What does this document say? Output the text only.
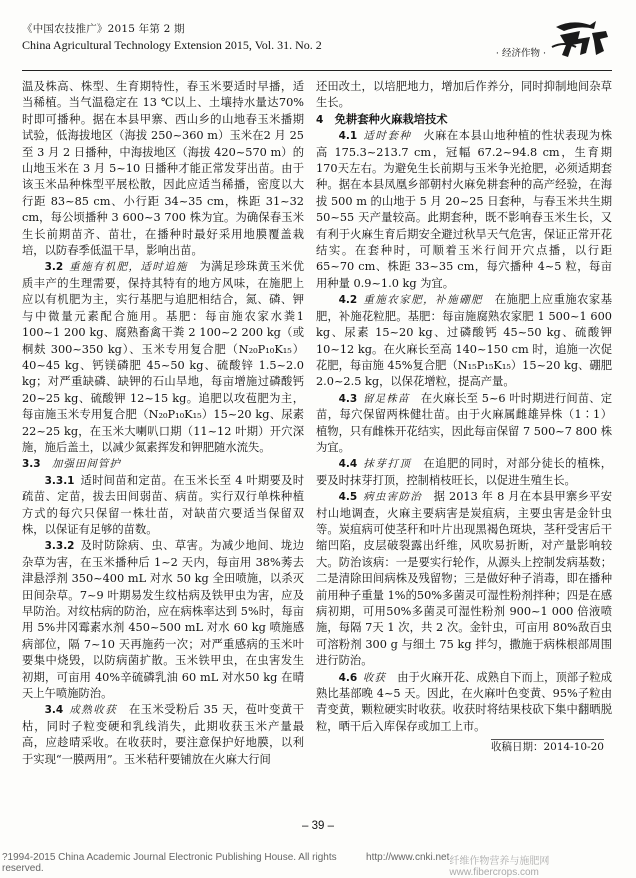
《中国农技推广》2015 年第 2 期
China Agricultural Technology Extension 2015, Vol. 31. No. 2
· 经济作物 ·

温及株高、株型、生育期特性，春玉米要适时早播，适当稀植。当气温稳定在 13 ℃以上、土壤持水量达70%时即可播种。据在本县甲寨、西山乡的山地春玉米播期试验，低海拔地区（海拔 250~360 m）玉米在2 月 25 至 3 月 2 日播种，中海拔地区（海拔 420~570 m）的山地玉米在 3 月 5~10 日播种才能正常发芽出苗。由于该玉米品种株型平展松散，因此应适当稀播，密度以大行距 83~85 cm、小行距 34~35 cm，株距 31~32 cm，每公顷播种 3 600~3 700 株为宜。为确保春玉米生长前期苗齐、苗壮，在播种时最好采用地膜覆盖栽培，以防春季低温干旱，影响出苗。

3.2  重施有机肥，适时追施  为满足珍珠黄玉米优质丰产的生理需要，保持其特有的地方风味，在施肥上应以有机肥为主，实行基肥与追肥相结合，氮、磷、钾与中微量元素配合施用。基肥：每亩施农家水粪1 100~1 200 kg、腐熟畜禽干粪 2 100~2 200 kg（或桐麸 300~350 kg）、玉米专用复合肥（N₂₀P₁₀K₁₅）40~45 kg、钙镁磷肥 45~50 kg、硫酸锌 1.5~2.0 kg；对严重缺磷、缺钾的石山旱地，每亩增施过磷酸钙 20~25 kg、硫酸钾 12~15 kg。追肥以攻苞肥为主，每亩施玉米专用复合肥（N₂₀P₁₀K₁₅）15~20 kg、尿素 22~25 kg，在玉米大喇叭口期（11~12 叶期）开穴深施，施后盖土，以减少氮素挥发和钾肥随水流失。

3.3  加强田间管护

3.3.1  适时间苗和定苗。在玉米长至 4 叶期要及时疏苗、定苗，拔去田间弱苗、病苗。实行双行单株种植方式的每穴只保留一株壮苗，对缺苗穴要适当保留双株，以保证有足够的苗数。

3.3.2  及时防除病、虫、草害。为减少地间、垅边杂草为害，在玉米播种后 1~2 天内，每亩用 38%莠去津悬浮剂 350~400 mL 对水 50 kg 全田喷施，以杀灭田间杂草。7~9 叶期易发生纹枯病及铁甲虫为害，应及早防治。对纹枯病的防治，应在病株率达到 5%时，每亩用 5%井冈霉素水剂 450~500 mL 对水 60 kg 喷施感病部位，隔 7~10 天再施药一次；对严重感病的玉米叶要集中烧毁，以防病菌扩散。玉米铁甲虫，在虫害发生初期，可亩用 40%辛硫磷乳油 60 mL 对水50 kg 在晴天上午喷施防治。

3.4  成熟收获  在玉米受粉后 35 天，苞叶变黄干枯，同时子粒变硬和乳线消失，此期收获玉米产量最高，应趁晴采收。在收获时，要注意保护好地膜，以利于实现“一膜两用”。玉米秸秆要铺放在火麻大行间

还田改土，以培肥地力，增加后作养分，同时抑制地间杂草生长。

4  免耕套种火麻栽培技术

4.1  适时套种  火麻在本县山地种植的性状表现为株高 175.3~213.7 cm，冠幅 67.2~94.8 cm，生育期 170天左右。为避免生长前期与玉米争光抢肥，必须适期套种。据在本县凤凰乡部朝村火麻免耕套种的高产经验，在海拔 500 m 的山地于 5 月 20~25 日套种，与春玉米共生期 50~55 天产量较高。此期套种，既不影响春玉米生长，又有利于火麻生育后期安全避过秋旱天气危害，保证正常开花结实。在套种时，可顺着玉米行间开穴点播，以行距 65~70 cm、株距 33~35 cm，每穴播种 4~5 粒，每亩用种量 0.9~1.0 kg 为宜。

4.2  重施农家肥，补施硼肥  在施肥上应重施农家基肥，补施花粒肥。基肥：每亩施腐熟农家肥 1 500~1 600 kg、尿素 15~20 kg、过磷酸钙 45~50 kg、硫酸钾 10~12 kg。在火麻长至高 140~150 cm 时，追施一次促花肥，每亩施 45%复合肥（N₁₅P₁₅K₁₅）15~20 kg、硼肥 2.0~2.5 kg，以保花增粒，提高产量。

4.3  留足株苗  在火麻长至 5~6 叶时期进行间苗、定苗，每穴保留两株健壮苗。由于火麻属雌雄异株（1∶1）植物，只有雌株开花结实，因此每亩保留 7 500~7 800 株为宜。

4.4  抹芽打顶  在追肥的同时，对部分徒长的植株，要及时抹芽打顶，控制梢枝旺长，以促进生殖生长。

4.5  病虫害防治  据 2013 年 8 月在本县甲寨乡平安村山地调查，火麻主要病害是炭疽病，主要虫害是金针虫等。炭疽病可使茎秆和叶片出现黑褐色斑块，茎秆受害后干缩凹陷，皮层破裂露出纤维，风吹易折断，对产量影响较大。防治该病：一是要实行轮作，从源头上控制发病基数；二是清除田间病株及残留物；三是做好种子消毒，即在播种前用种子重量 1%的50%多菌灵可湿性粉剂拌种；四是在感病初期，可用50%多菌灵可湿性粉剂 900~1 000 倍液喷施，每隔 7天 1 次，共 2 次。金针虫，可亩用 80%敌百虫可溶粉剂 300 g 与细土 75 kg 拌匀，撒施于病株根部周围进行防治。

4.6  收获  由于火麻开花、成熟自下而上，顶部子粒成熟比基部晚 4~5 天。因此，在火麻叶色变黄、95%子粒由青变黄，颗粒硬实时收获。收获时将结果枝砍下集中翻晒脱粒，晒干后入库保存或加工上市。

收稿日期：2014-10-20
– 39 –
?1994-2015 China Academic Journal Electronic Publishing House. All rights reserved.
http://www.cnki.net 纤维作物营养与施肥网 www.fibercrops.com
